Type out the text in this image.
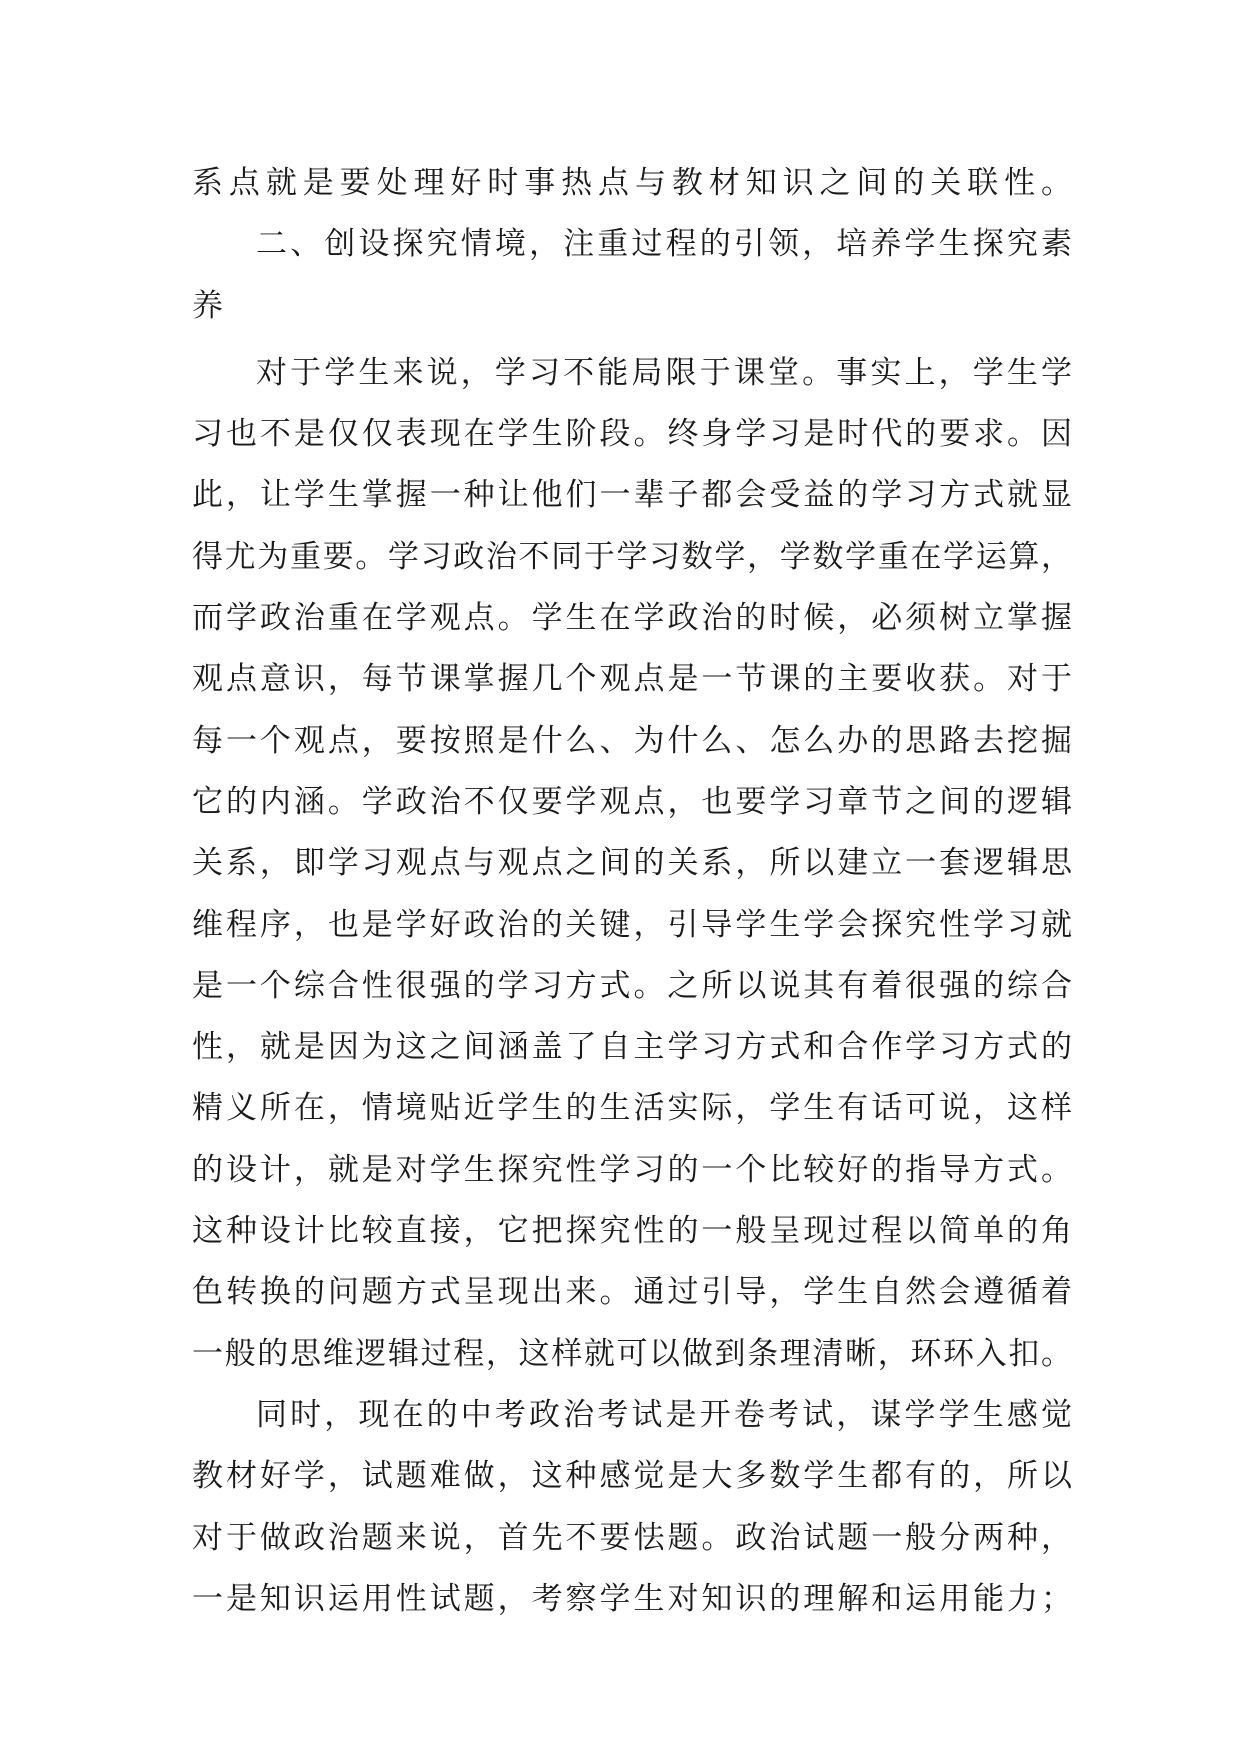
系点就是要处理好时事热点与教材知识之间的关联性。
二、创设探究情境，注重过程的引领，培养学生探究素
养
对于学生来说，学习不能局限于课堂。事实上，学生学
习也不是仅仅表现在学生阶段。终身学习是时代的要求。因
此，让学生掌握一种让他们一辈子都会受益的学习方式就显
得尤为重要。学习政治不同于学习数学，学数学重在学运算，
而学政治重在学观点。学生在学政治的时候，必须树立掌握
观点意识，每节课掌握几个观点是一节课的主要收获。对于
每一个观点，要按照是什么、为什么、怎么办的思路去挖掘
它的内涵。学政治不仅要学观点，也要学习章节之间的逻辑
关系，即学习观点与观点之间的关系，所以建立一套逻辑思
维程序，也是学好政治的关键，引导学生学会探究性学习就
是一个综合性很强的学习方式。之所以说其有着很强的综合
性，就是因为这之间涵盖了自主学习方式和合作学习方式的
精义所在，情境贴近学生的生活实际，学生有话可说，这样
的设计，就是对学生探究性学习的一个比较好的指导方式。
这种设计比较直接，它把探究性的一般呈现过程以简单的角
色转换的问题方式呈现出来。通过引导，学生自然会遵循着
一般的思维逻辑过程，这样就可以做到条理清晰，环环入扣。
同时，现在的中考政治考试是开卷考试，谋学学生感觉
教材好学，试题难做，这种感觉是大多数学生都有的，所以
对于做政治题来说，首先不要怯题。政治试题一般分两种，
一是知识运用性试题，考察学生对知识的理解和运用能力；
